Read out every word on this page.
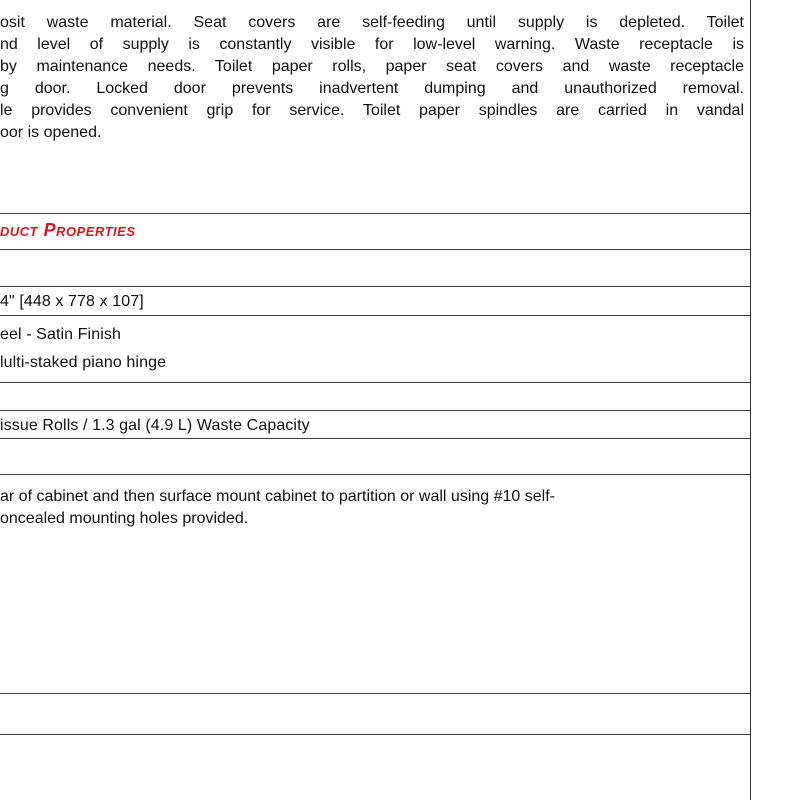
osit waste material. Seat covers are self-feeding until supply is depleted. Toilet
nd level of supply is constantly visible for low-level warning. Waste receptacle is
by maintenance needs. Toilet paper rolls, paper seat covers and waste receptacle
g door. Locked door prevents inadvertent dumping and unauthorized removal.
le provides convenient grip for service. Toilet paper spindles are carried in vandal
oor is opened.
duct Properties
4" [448 x 778 x 107]
eel - Satin Finish
lulti-staked piano hinge
issue Rolls / 1.3 gal (4.9 L) Waste Capacity
ar of cabinet and then surface mount cabinet to partition or wall using #10 self-
oncealed mounting holes provided.
